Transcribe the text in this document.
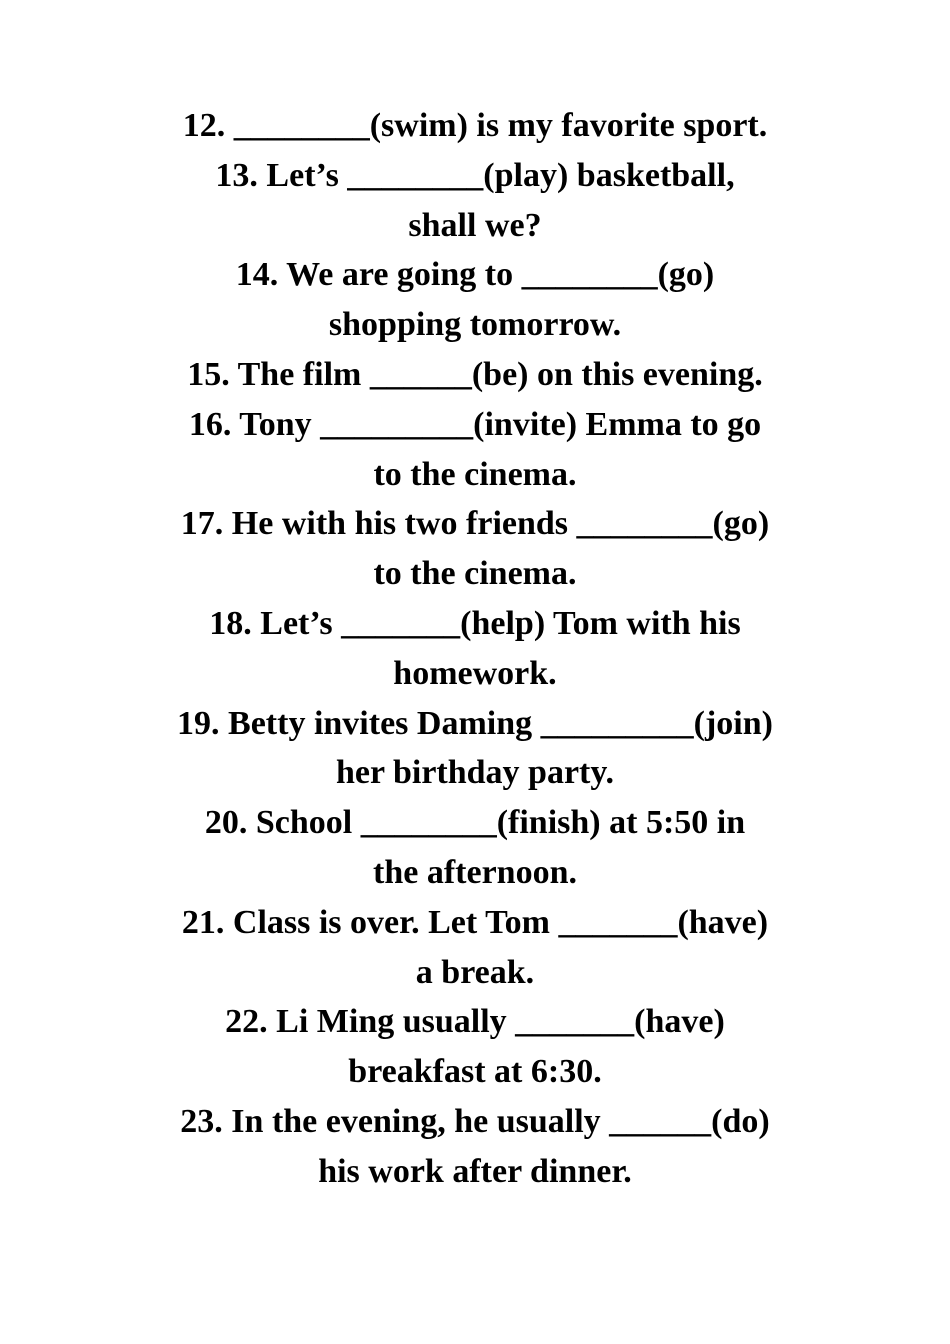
12. ________(swim) is my favorite sport.
13. Let’s ________(play) basketball,
shall we?
14. We are going to ________(go)
shopping tomorrow.
15. The film ______(be) on this evening.
16. Tony _________(invite) Emma to go
to the cinema.
17. He with his two friends ________(go)
to the cinema.
18. Let’s _______(help) Tom with his
homework.
19. Betty invites Daming _________(join)
her birthday party.
20. School ________(finish) at 5:50 in
the afternoon.
21. Class is over. Let Tom _______(have)
a break.
22. Li Ming usually _______(have)
breakfast at 6:30.
23. In the evening, he usually ______(do)
his work after dinner.
